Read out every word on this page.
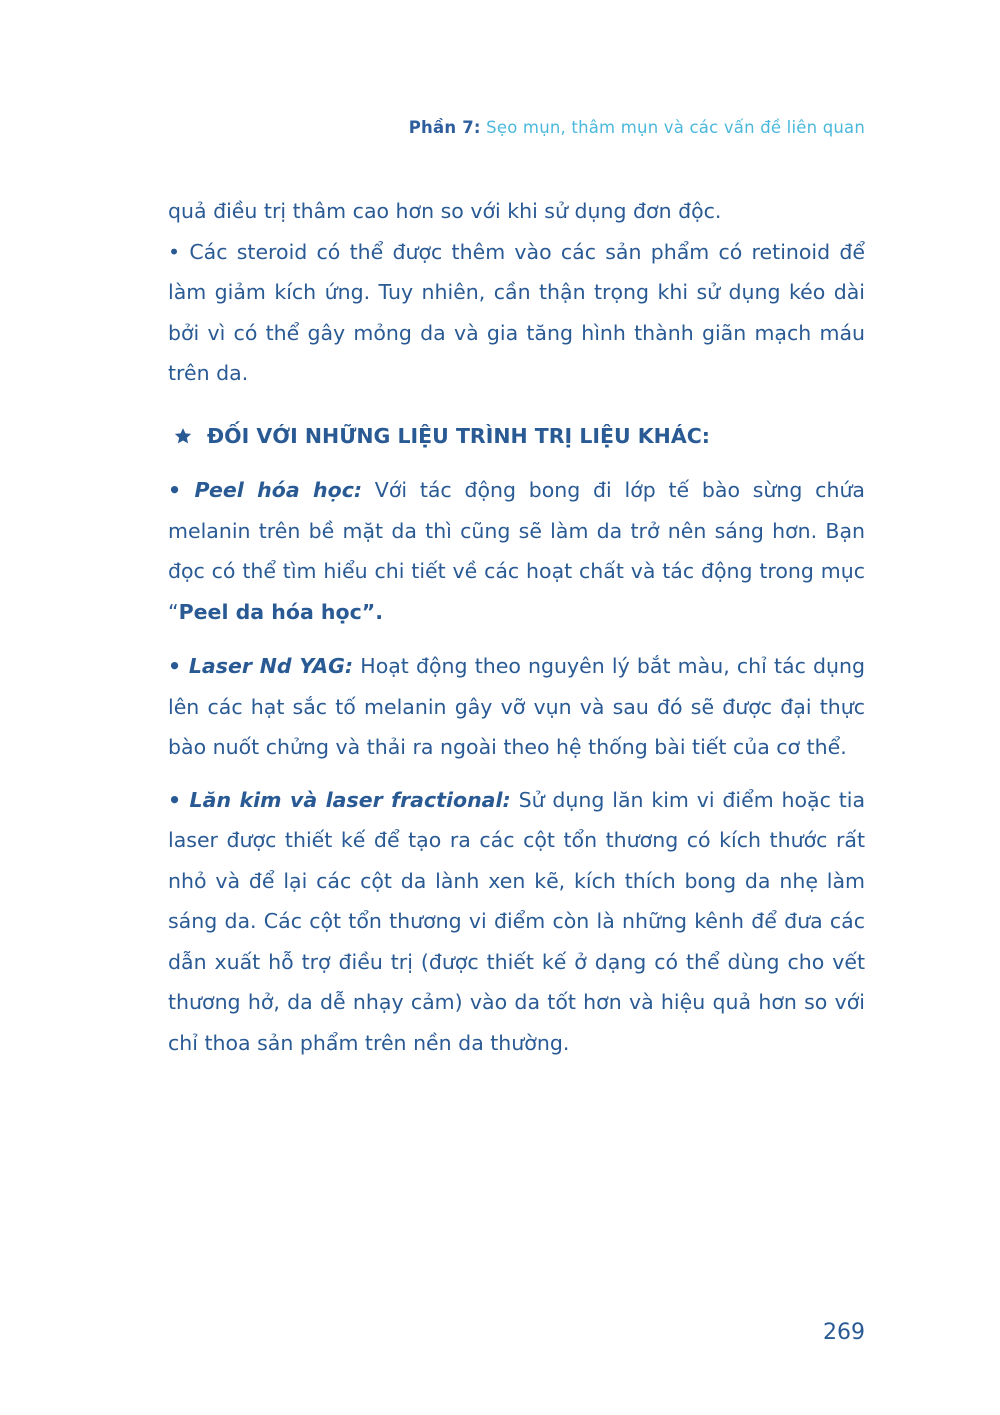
Phần 7: Sẹo mụn, thâm mụn và các vấn đề liên quan

quả điều trị thâm cao hơn so với khi sử dụng đơn độc.

• Các steroid có thể được thêm vào các sản phẩm có retinoid để làm giảm kích ứng. Tuy nhiên, cần thận trọng khi sử dụng kéo dài bởi vì có thể gây mỏng da và gia tăng hình thành giãn mạch máu trên da.

ĐỐI VỚI NHỮNG LIỆU TRÌNH TRỊ LIỆU KHÁC:

• Peel hóa học: Với tác động bong đi lớp tế bào sừng chứa melanin trên bề mặt da thì cũng sẽ làm da trở nên sáng hơn. Bạn đọc có thể tìm hiểu chi tiết về các hoạt chất và tác động trong mục “Peel da hóa học”.

• Laser Nd YAG: Hoạt động theo nguyên lý bắt màu, chỉ tác dụng lên các hạt sắc tố melanin gây vỡ vụn và sau đó sẽ được đại thực bào nuốt chửng và thải ra ngoài theo hệ thống bài tiết của cơ thể.

• Lăn kim và laser fractional: Sử dụng lăn kim vi điểm hoặc tia laser được thiết kế để tạo ra các cột tổn thương có kích thước rất nhỏ và để lại các cột da lành xen kẽ, kích thích bong da nhẹ làm sáng da. Các cột tổn thương vi điểm còn là những kênh để đưa các dẫn xuất hỗ trợ điều trị (được thiết kế ở dạng có thể dùng cho vết thương hở, da dễ nhạy cảm) vào da tốt hơn và hiệu quả hơn so với chỉ thoa sản phẩm trên nền da thường.

269
